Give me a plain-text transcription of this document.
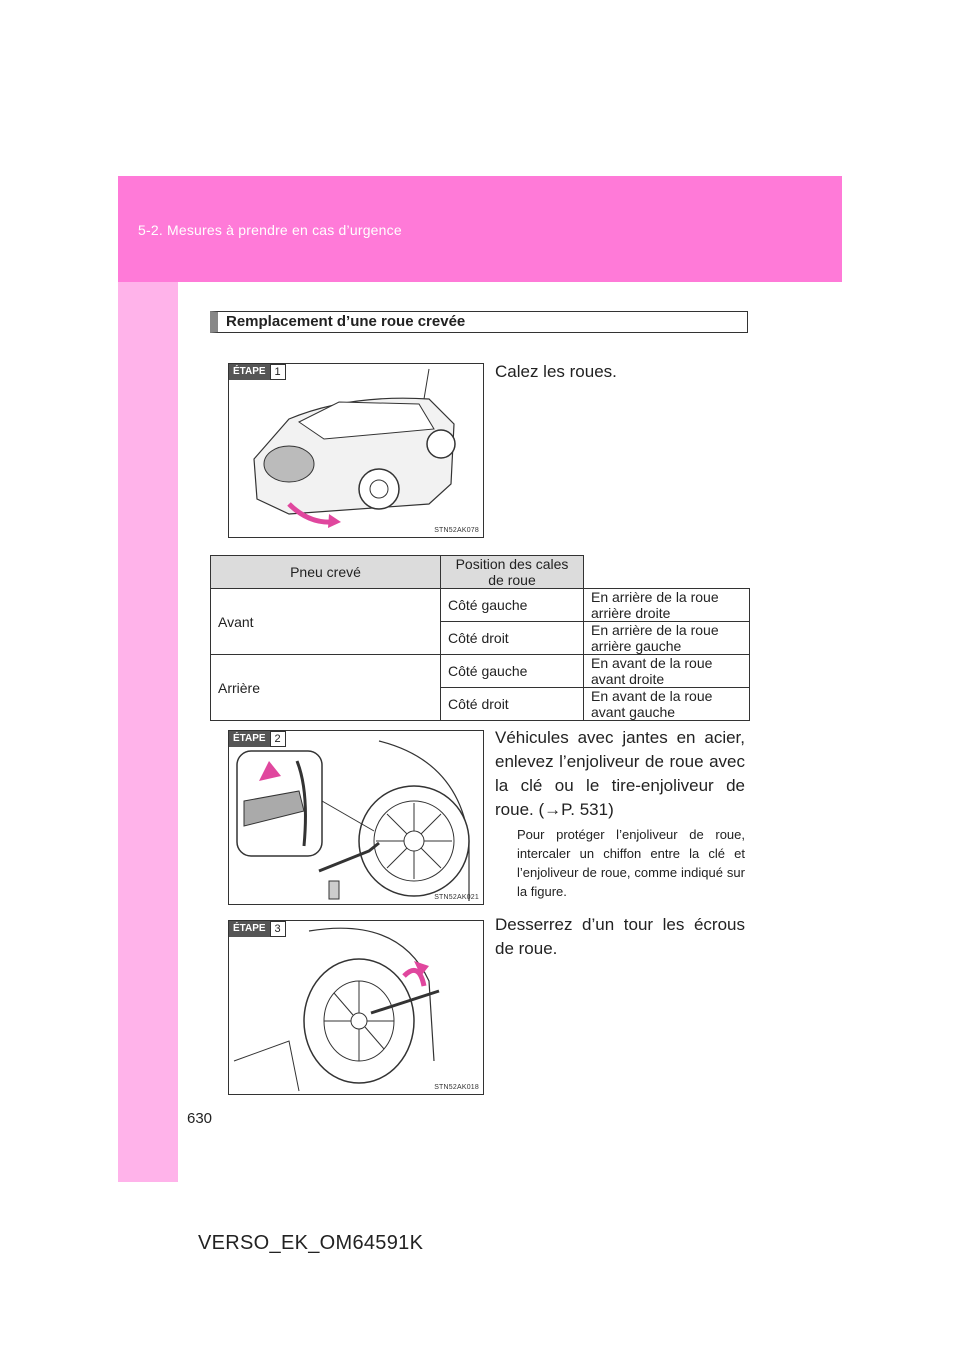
5-2. Mesures à prendre en cas d’urgence
Remplacement d’une roue crevée
ÉTAPE 1
STN52AK078
Calez les roues.
Pneu crevé	Position des cales de roue	
Avant	Côté gauche	En arrière de la roue arrière droite
	Côté droit	En arrière de la roue arrière gauche
Arrière	Côté gauche	En avant de la roue avant droite
	Côté droit	En avant de la roue avant gauche
ÉTAPE 2
STN52AK021
Véhicules avec jantes en acier, enlevez l’enjoliveur de roue avec la clé ou le tire-enjoliveur de roue. (→P. 531)
Pour protéger l’enjoliveur de roue, intercaler un chiffon entre la clé et l’enjoliveur de roue, comme indiqué sur la figure.
ÉTAPE 3
STN52AK018
Desserrez d’un tour les écrous de roue.
630
VERSO_EK_OM64591K
